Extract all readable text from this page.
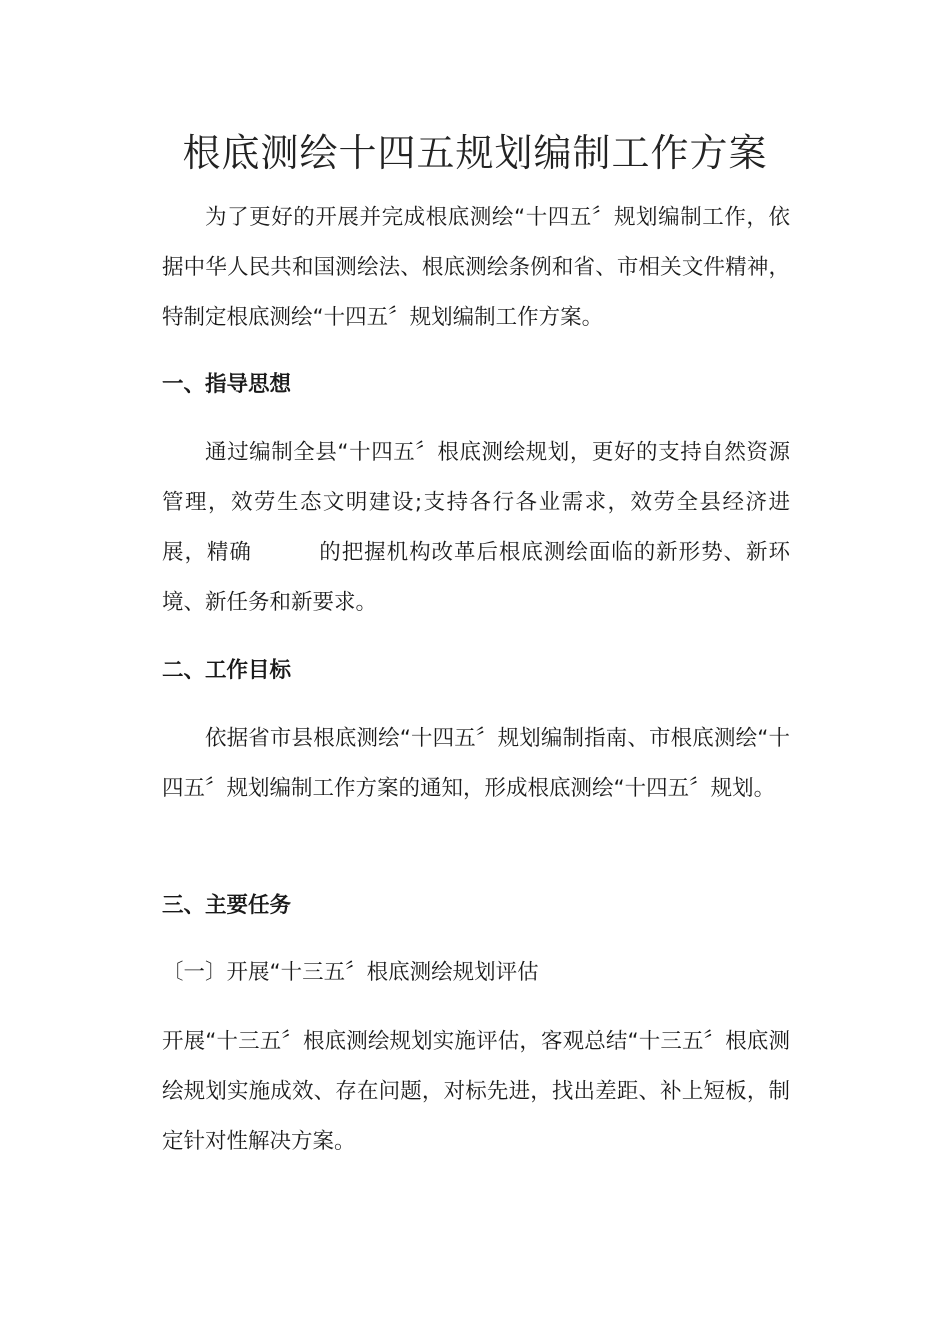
根底测绘十四五规划编制工作方案

为了更好的开展并完成根底测绘“十四五〞规划编制工作，依据中华人民共和国测绘法、根底测绘条例和省、市相关文件精神，特制定根底测绘“十四五〞规划编制工作方案。

一、指导思想

通过编制全县“十四五〞根底测绘规划，更好的支持自然资源管理，效劳生态文明建设;支持各行各业需求，效劳全县经济进展，精确　　　的把握机构改革后根底测绘面临的新形势、新环境、新任务和新要求。

二、工作目标

依据省市县根底测绘“十四五〞规划编制指南、市根底测绘“十四五〞规划编制工作方案的通知，形成根底测绘“十四五〞规划。

三、主要任务

〔一〕开展“十三五〞根底测绘规划评估

开展“十三五〞根底测绘规划实施评估，客观总结“十三五〞根底测绘规划实施成效、存在问题，对标先进，找出差距、补上短板，制定针对性解决方案。
